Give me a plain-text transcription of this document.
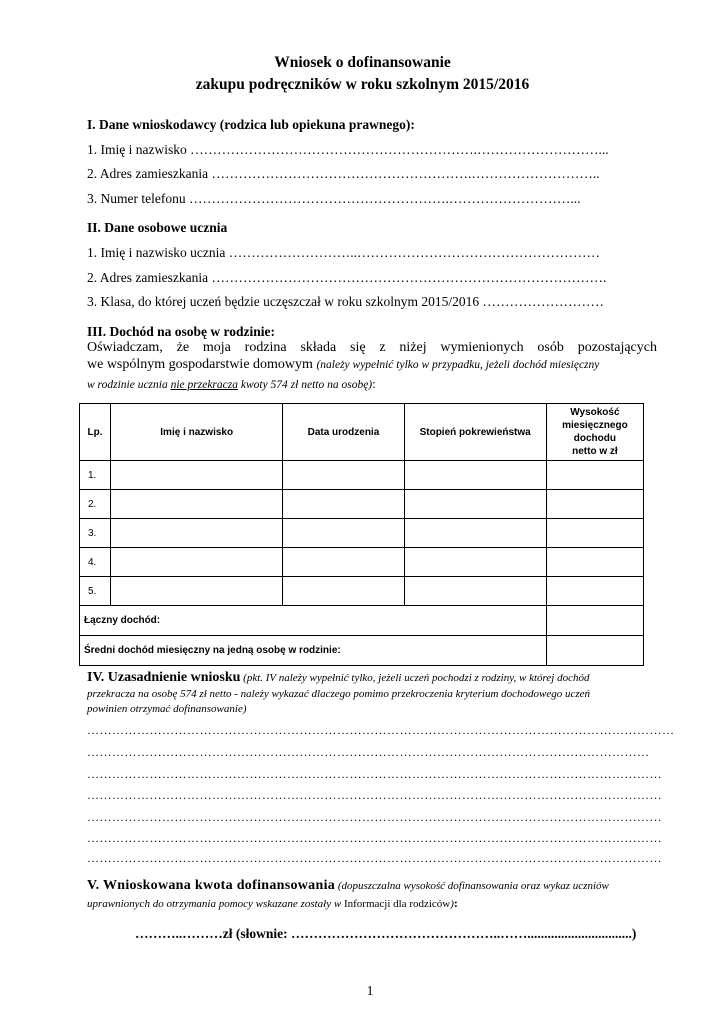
Wniosek o dofinansowanie
zakupu podręczników w roku szkolnym 2015/2016
I. Dane wnioskodawcy (rodzica lub opiekuna prawnego):
1. Imię i nazwisko ……………………………………………………….………………………...
2. Adres zamieszkania ………………………………………………….………………………..
3. Numer telefonu ………………………………………………….………………………...
II. Dane osobowe ucznia
1. Imię i nazwisko ucznia ………………………..………………………………………………
2. Adres zamieszkania …………………………………………………………………………….
3. Klasa, do której uczeń będzie uczęszczał w roku szkolnym 2015/2016 ………………………
III. Dochód na osobę w rodzinie:
Oświadczam, że moja rodzina składa się z niżej wymienionych osób pozostających
we wspólnym gospodarstwie domowym (należy wypełnić tylko w przypadku, jeżeli dochód miesięczny
w rodzinie ucznia nie przekracza kwoty 574 zł netto na osobę):
Lp.	Imię i nazwisko	Data urodzenia	Stopień pokrewieństwa	Wysokość
miesięcznego
dochodu
netto w zł

1.				
2.				
3.				
4.				
5.				
Łączny dochód:				
Średni dochód miesięczny na jedną osobę w rodzinie:				
IV. Uzasadnienie wniosku (pkt. IV należy wypełnić tylko, jeżeli uczeń pochodzi z rodziny, w której dochód
przekracza na osobę 574 zł netto - należy wykazać dlaczego pomimo przekroczenia kryterium dochodowego uczeń
powinien otrzymać dofinansowanie)
……………………………………………………………………………………………………………………………
………………………………………………………………………………………………………………………
…………………………………………………………………………………………………………………………
…………………………………………………………………………………………………………………………
…………………………………………………………………………………………………………………………
…………………………………………………………………………………………………………………………
…………………………………………………………………………………………………………………………
V. Wnioskowana kwota dofinansowania (dopuszczalna wysokość dofinansowania oraz wykaz uczniów
uprawnionych do otrzymania pomocy wskazane zostały w Informacji dla rodziców):
………..………zł (słownie: ………………………………………..……...............................)
1
